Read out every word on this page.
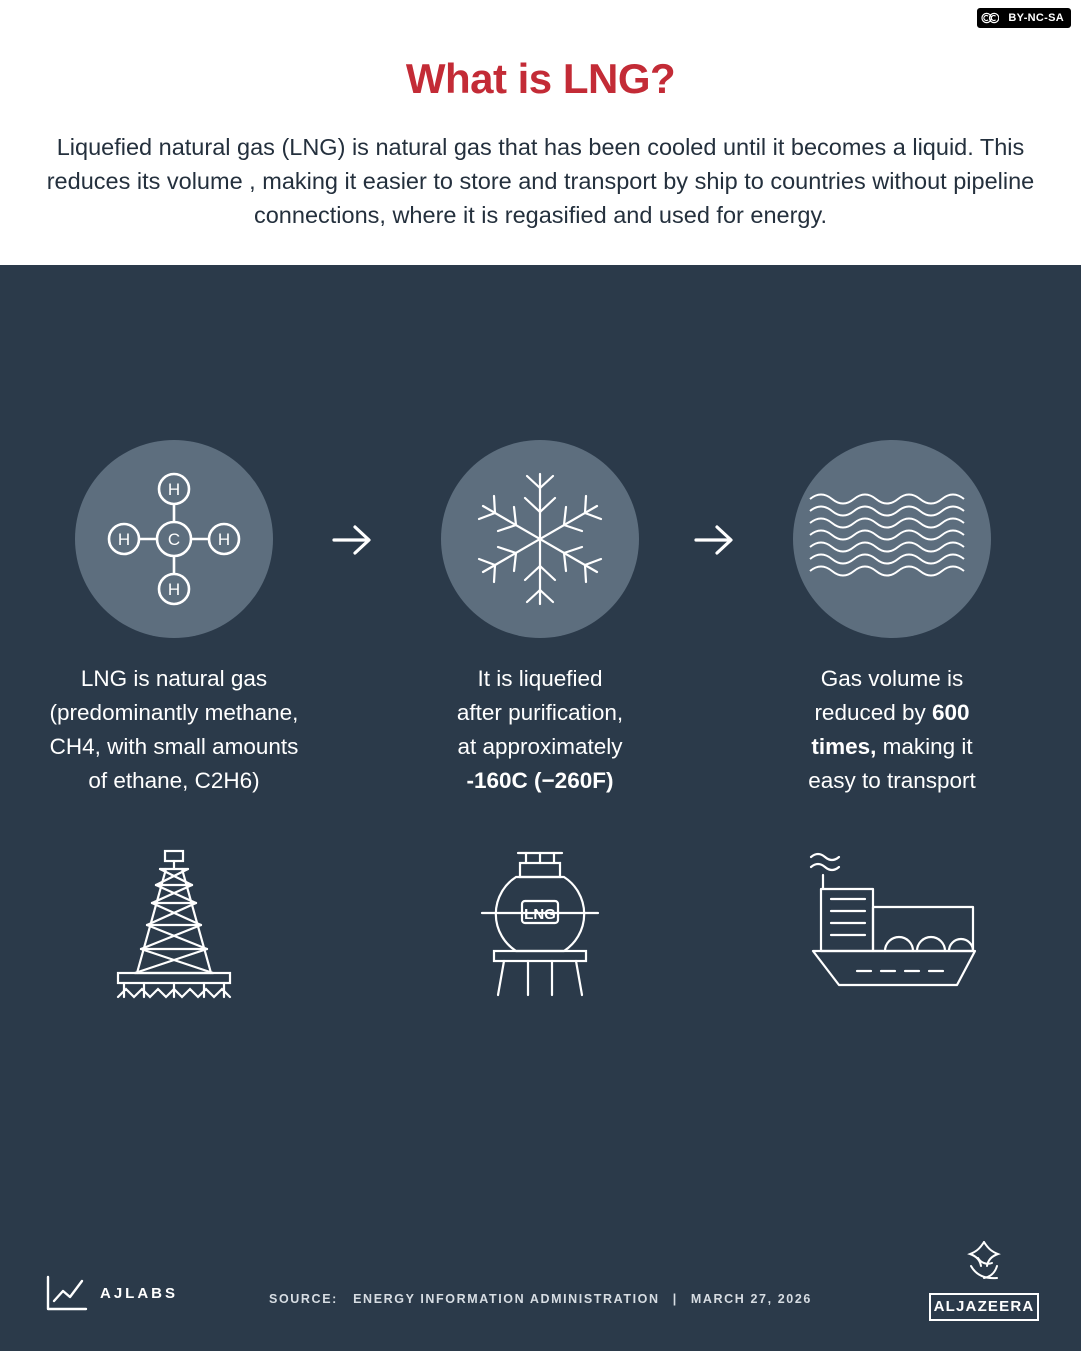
BY-NC-SA
What is LNG?
Liquefied natural gas (LNG) is natural gas that has been cooled until it becomes a liquid. This reduces its volume , making it easier to store and transport by ship to countries without pipeline connections, where it is regasified and used for energy.
C
H
H
H	H
LNG is natural gas
(predominantly methane,
CH4, with small amounts
of ethane, C2H6)
It is liquefied
after purification,
at approximately
-160C (−260F)
Gas volume is
reduced by 600
times, making it
easy to transport
LNG
AJLABS	SOURCE: ENERGY INFORMATION ADMINISTRATION | MARCH 27, 2026	ALJAZEERA
